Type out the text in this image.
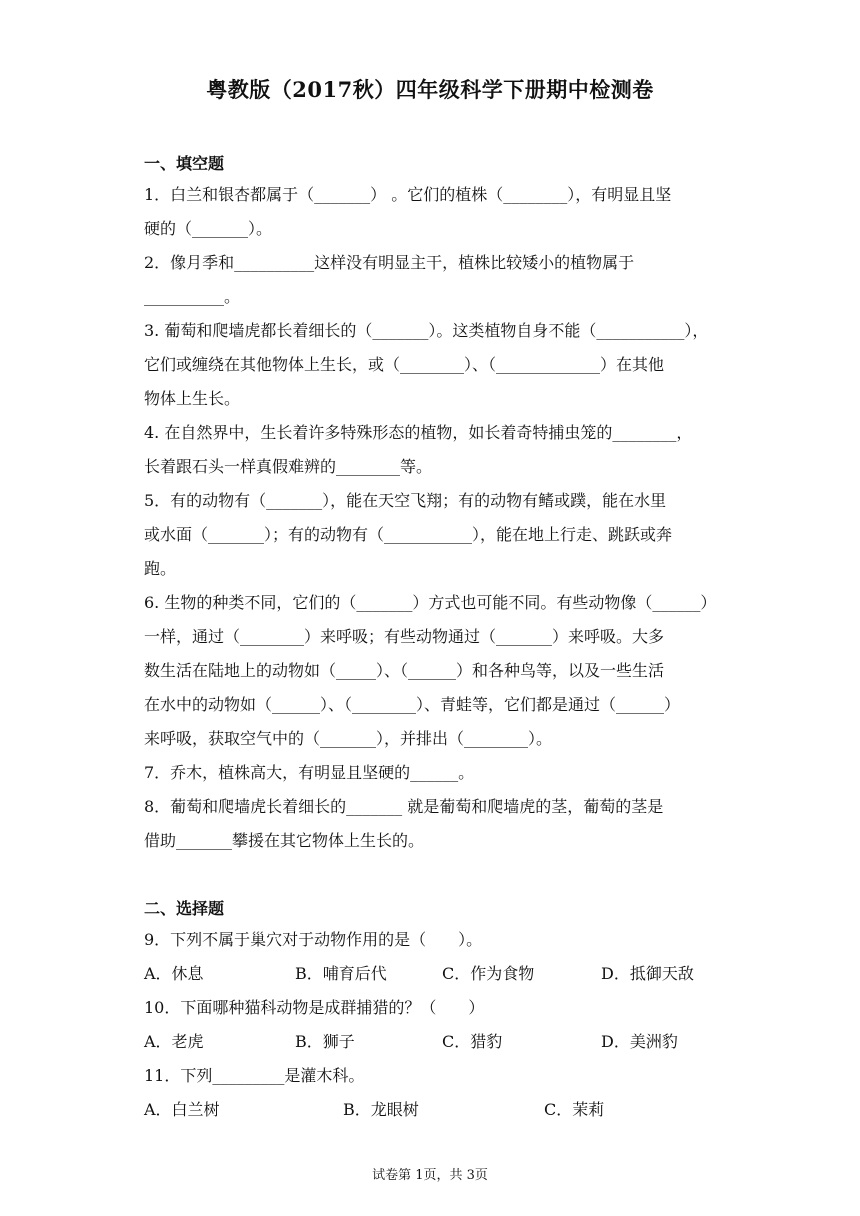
粤教版（2017秋）四年级科学下册期中检测卷
一、填空题
1．白兰和银杏都属于（_______） 。它们的植株（________），有明显且坚
硬的（_______）。
2．像月季和__________这样没有明显主干，植株比较矮小的植物属于
__________。
3. 葡萄和爬墙虎都长着细长的（_______）。这类植物自身不能（___________），
它们或缠绕在其他物体上生长，或（________）、（_____________）在其他
物体上生长。
4. 在自然界中，生长着许多特殊形态的植物，如长着奇特捕虫笼的________，
长着跟石头一样真假难辨的________等。
5．有的动物有（_______），能在天空飞翔；有的动物有鳍或蹼，能在水里
或水面（_______）；有的动物有（___________），能在地上行走、跳跃或奔
跑。
6. 生物的种类不同，它们的（_______）方式也可能不同。有些动物像（______）
一样，通过（________）来呼吸；有些动物通过（_______）来呼吸。大多
数生活在陆地上的动物如（_____）、（______）和各种鸟等，以及一些生活
在水中的动物如（______）、（________）、青蛙等，它们都是通过（______）
来呼吸，获取空气中的（_______），并排出（________）。
7．乔木，植株高大，有明显且坚硬的______。
8．葡萄和爬墙虎长着细长的_______ 就是葡萄和爬墙虎的茎，葡萄的茎是
借助_______攀援在其它物体上生长的。
二、选择题
9．下列不属于巢穴对于动物作用的是（　　）。
A．休息	B．哺育后代	C．作为食物	D．抵御天敌
10．下面哪种猫科动物是成群捕猎的？（　　）
A．老虎	B．狮子	C．猎豹	D．美洲豹
11．下列_________是灌木科。
A．白兰树	B．龙眼树	C．茉莉
试卷第 1页，共 3页
